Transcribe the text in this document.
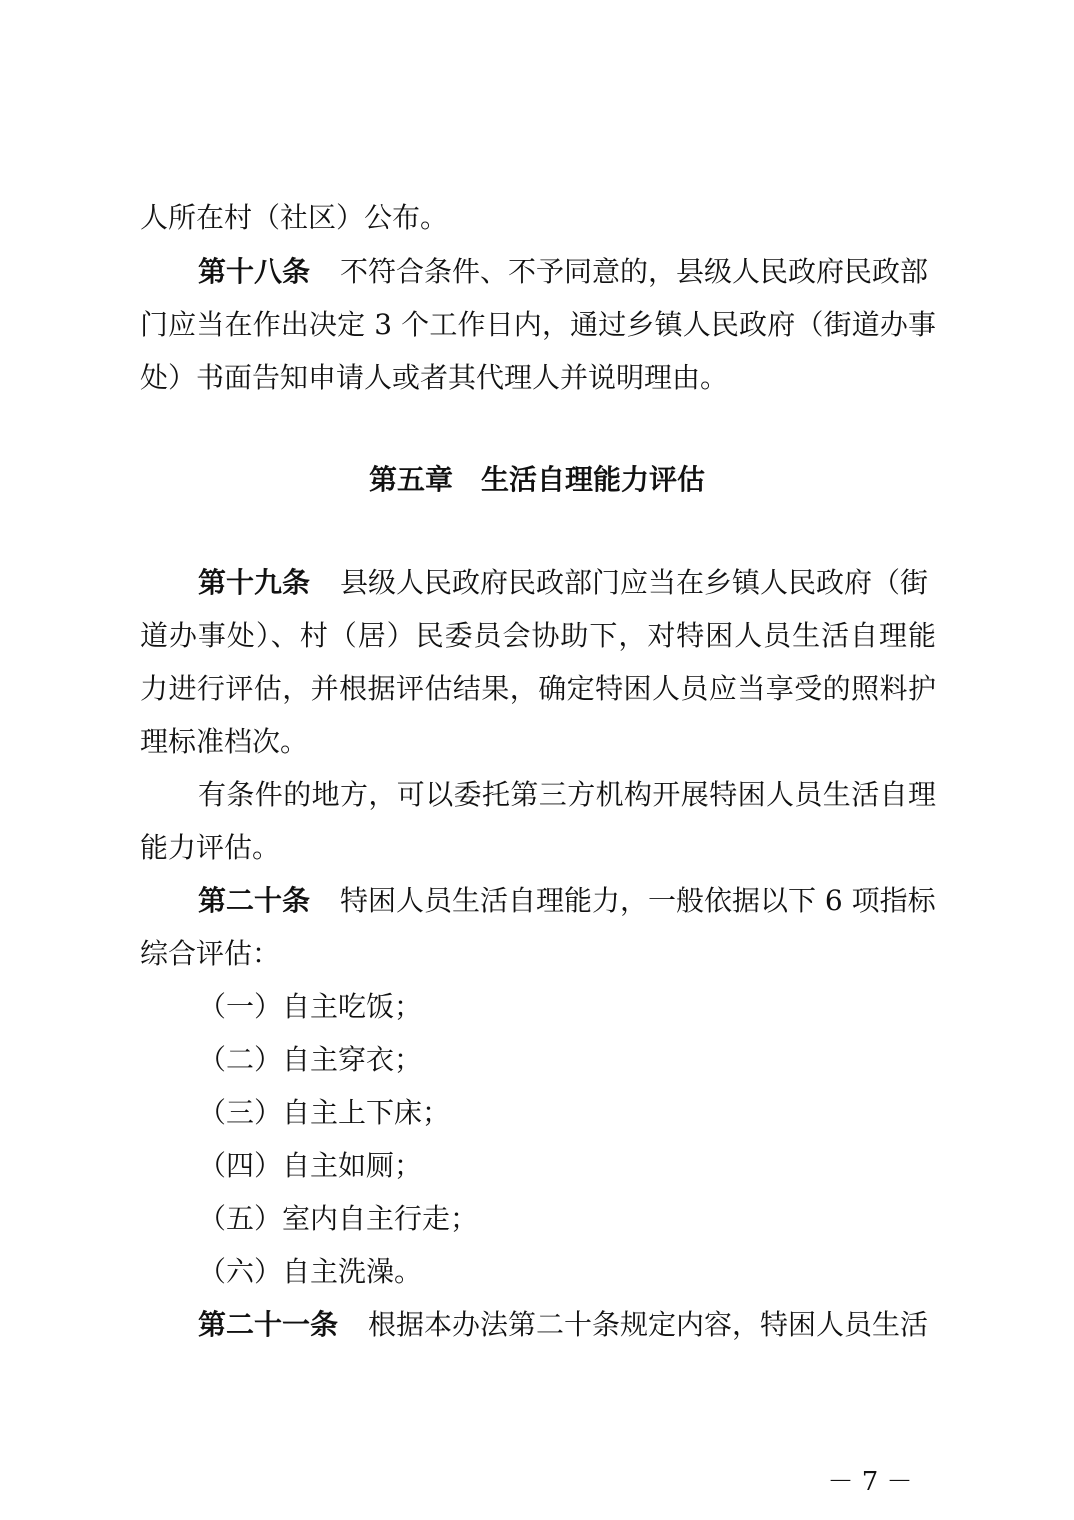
人所在村（社区）公布。
第十八条 不符合条件、不予同意的，县级人民政府民政部
门应当在作出决定 3 个工作日内，通过乡镇人民政府（街道办事
处）书面告知申请人或者其代理人并说明理由。
第五章　生活自理能力评估
第十九条 县级人民政府民政部门应当在乡镇人民政府（街
道办事处）、村（居）民委员会协助下，对特困人员生活自理能
力进行评估，并根据评估结果，确定特困人员应当享受的照料护
理标准档次。
有条件的地方，可以委托第三方机构开展特困人员生活自理
能力评估。
第二十条 特困人员生活自理能力，一般依据以下 6 项指标
综合评估：
（一）自主吃饭；
（二）自主穿衣；
（三）自主上下床；
（四）自主如厕；
（五）室内自主行走；
（六）自主洗澡。
第二十一条 根据本办法第二十条规定内容，特困人员生活
－ 7 －
